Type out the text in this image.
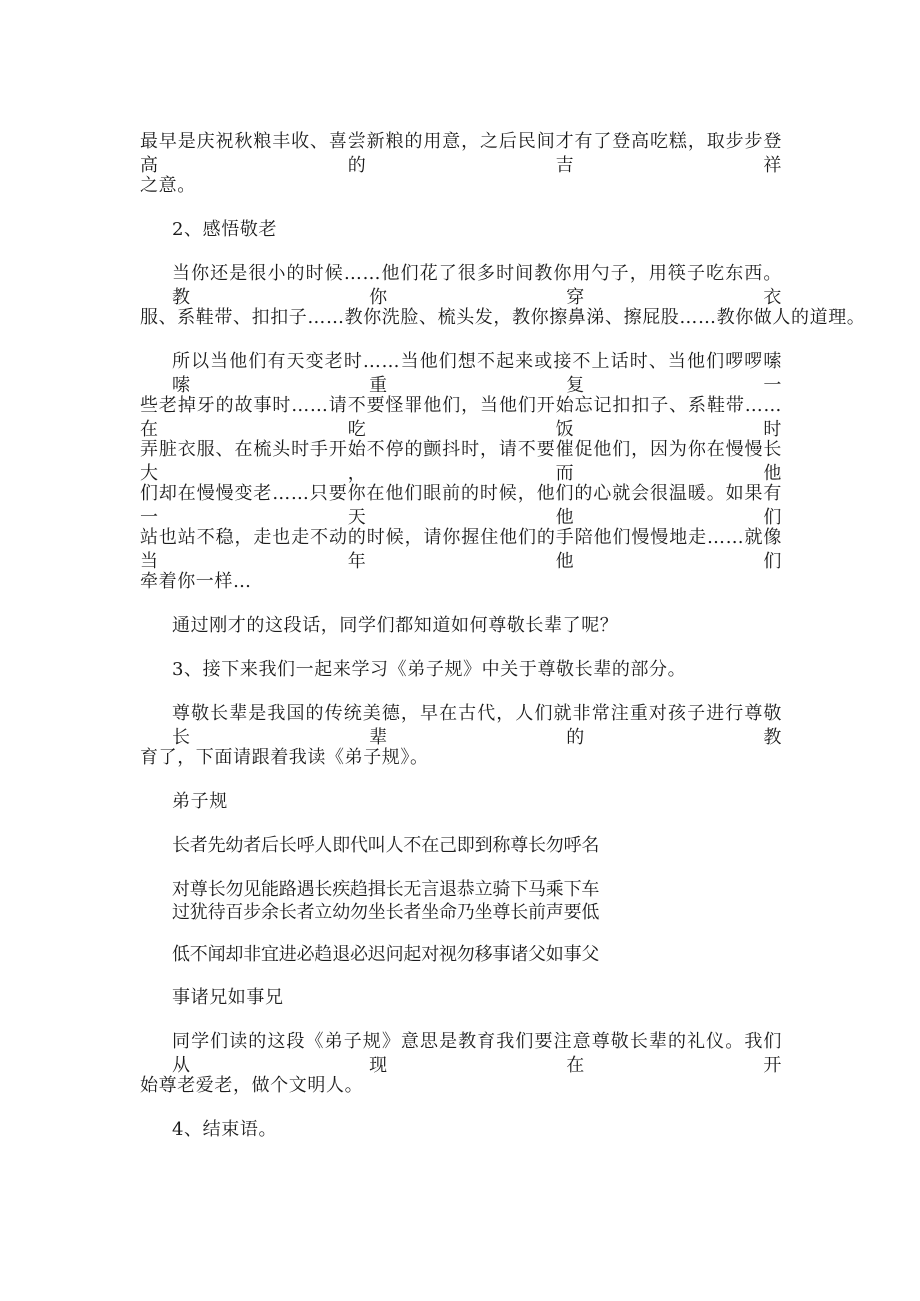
最早是庆祝秋粮丰收、喜尝新粮的用意，之后民间才有了登高吃糕，取步步登高的吉祥
之意。
2、感悟敬老
当你还是很小的时候……他们花了很多时间教你用勺子，用筷子吃东西。教你穿衣
服、系鞋带、扣扣子……教你洗脸、梳头发，教你擦鼻涕、擦屁股……教你做人的道理。
所以当他们有天变老时……当他们想不起来或接不上话时、当他们啰啰嗦嗦重复一
些老掉牙的故事时……请不要怪罪他们，当他们开始忘记扣扣子、系鞋带……在吃饭时
弄脏衣服、在梳头时手开始不停的颤抖时，请不要催促他们，因为你在慢慢长大，而他
们却在慢慢变老……只要你在他们眼前的时候，他们的心就会很温暖。如果有一天他们
站也站不稳，走也走不动的时候，请你握住他们的手陪他们慢慢地走……就像当年他们
牵着你一样…
通过刚才的这段话，同学们都知道如何尊敬长辈了呢？
3、接下来我们一起来学习《弟子规》中关于尊敬长辈的部分。
尊敬长辈是我国的传统美德，早在古代，人们就非常注重对孩子进行尊敬长辈的教
育了，下面请跟着我读《弟子规》。
弟子规
长者先幼者后长呼人即代叫人不在己即到称尊长勿呼名
对尊长勿见能路遇长疾趋揖长无言退恭立骑下马乘下车
过犹待百步余长者立幼勿坐长者坐命乃坐尊长前声要低
低不闻却非宜进必趋退必迟问起对视勿移事诸父如事父
事诸兄如事兄
同学们读的这段《弟子规》意思是教育我们要注意尊敬长辈的礼仪。我们从现在开
始尊老爱老，做个文明人。
4、结束语。
